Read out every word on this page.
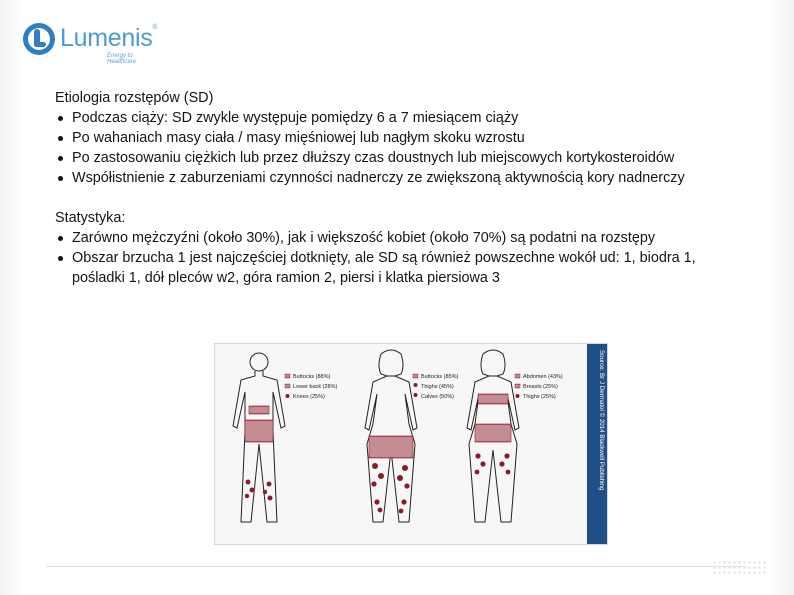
Lumenis®
Energy to Healthcare

Etiologia rozstępów (SD)

Podczas ciąży: SD zwykle występuje pomiędzy 6 a 7 miesiącem ciąży
Po wahaniach masy ciała / masy mięśniowej lub nagłym skoku wzrostu
Po zastosowaniu ciężkich lub przez dłuższy czas doustnych lub miejscowych kortykosteroidów
Współistnienie z zaburzeniami czynności nadnerczy ze zwiększoną aktywnością kory nadnerczy

Statystyka:

Zarówno mężczyźni (około 30%), jak i większość kobiet (około 70%) są podatni na rozstępy
Obszar brzucha 1 jest najczęściej dotknięty, ale SD są również powszechne wokół ud: 1, biodra 1, pośladki 1, dół pleców w2, góra ramion 2, piersi i klatka piersiowa 3
Buttocks (88%)
Lower back (28%)
Knees (25%)
Buttocks (85%)
Thighs (45%)
Calves (50%)
Abdomen (43%)
Breasts (25%)
Thighs (25%)	Source: Br J Dermatol © 2014 Blackwell Publishing
